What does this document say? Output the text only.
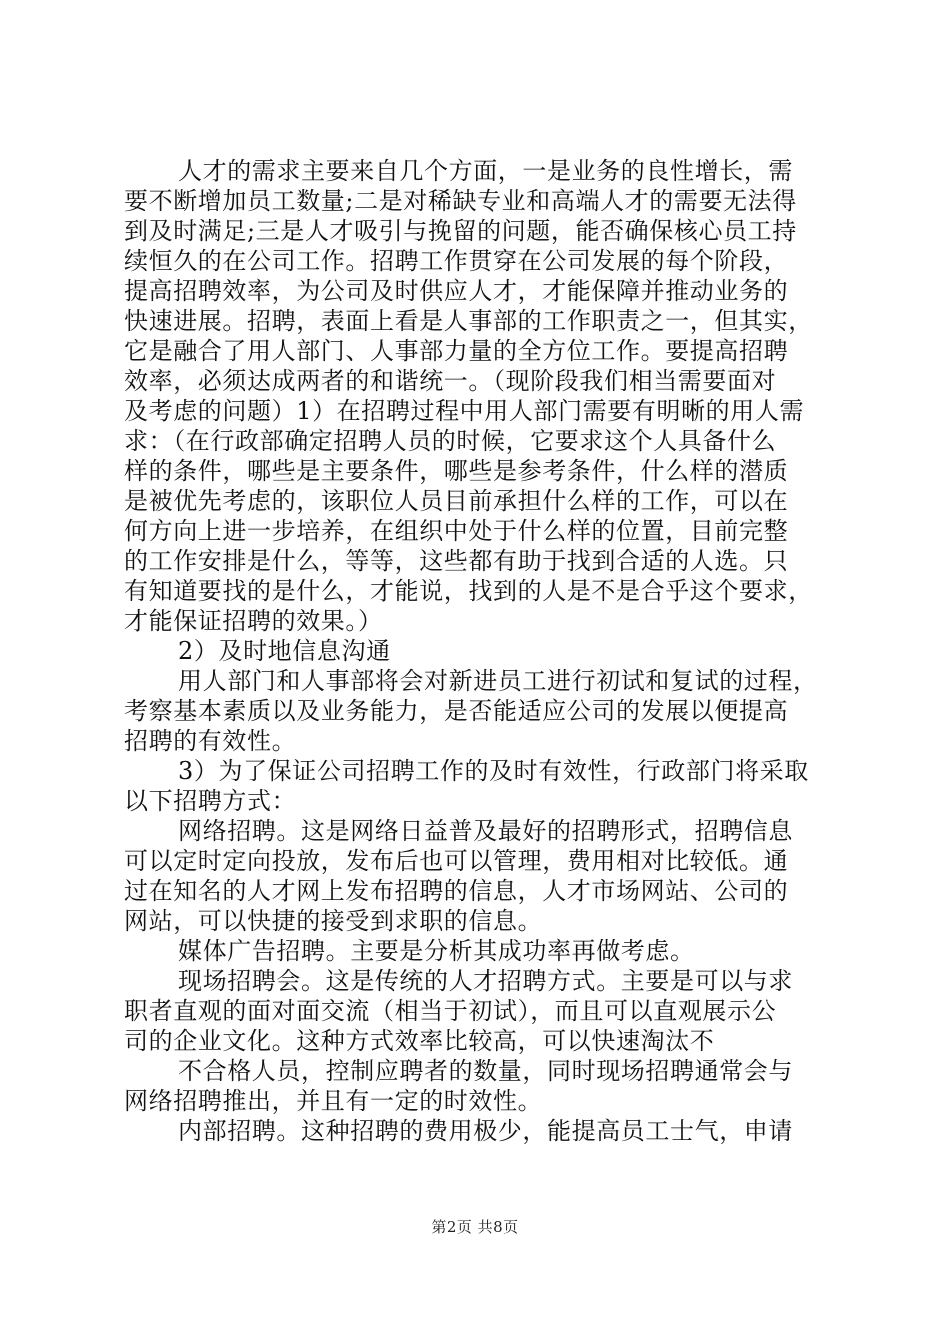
人才的需求主要来自几个方面，一是业务的良性增长，需
要不断增加员工数量;二是对稀缺专业和高端人才的需要无法得
到及时满足;三是人才吸引与挽留的问题，能否确保核心员工持
续恒久的在公司工作。招聘工作贯穿在公司发展的每个阶段，
提高招聘效率，为公司及时供应人才，才能保障并推动业务的
快速进展。招聘，表面上看是人事部的工作职责之一，但其实，
它是融合了用人部门、人事部力量的全方位工作。要提高招聘
效率，必须达成两者的和谐统一。（现阶段我们相当需要面对
及考虑的问题）1）在招聘过程中用人部门需要有明晰的用人需
求：（在行政部确定招聘人员的时候，它要求这个人具备什么
样的条件，哪些是主要条件，哪些是参考条件，什么样的潜质
是被优先考虑的，该职位人员目前承担什么样的工作，可以在
何方向上进一步培养，在组织中处于什么样的位置，目前完整
的工作安排是什么，等等，这些都有助于找到合适的人选。只
有知道要找的是什么，才能说，找到的人是不是合乎这个要求，
才能保证招聘的效果。）
2）及时地信息沟通
用人部门和人事部将会对新进员工进行初试和复试的过程，
考察基本素质以及业务能力，是否能适应公司的发展以便提高
招聘的有效性。
3）为了保证公司招聘工作的及时有效性，行政部门将采取
以下招聘方式：
网络招聘。这是网络日益普及最好的招聘形式，招聘信息
可以定时定向投放，发布后也可以管理，费用相对比较低。通
过在知名的人才网上发布招聘的信息，人才市场网站、公司的
网站，可以快捷的接受到求职的信息。
媒体广告招聘。主要是分析其成功率再做考虑。
现场招聘会。这是传统的人才招聘方式。主要是可以与求
职者直观的面对面交流（相当于初试），而且可以直观展示公
司的企业文化。这种方式效率比较高，可以快速淘汰不
不合格人员，控制应聘者的数量，同时现场招聘通常会与
网络招聘推出，并且有一定的时效性。
内部招聘。这种招聘的费用极少，能提高员工士气，申请
第2页 共8页
